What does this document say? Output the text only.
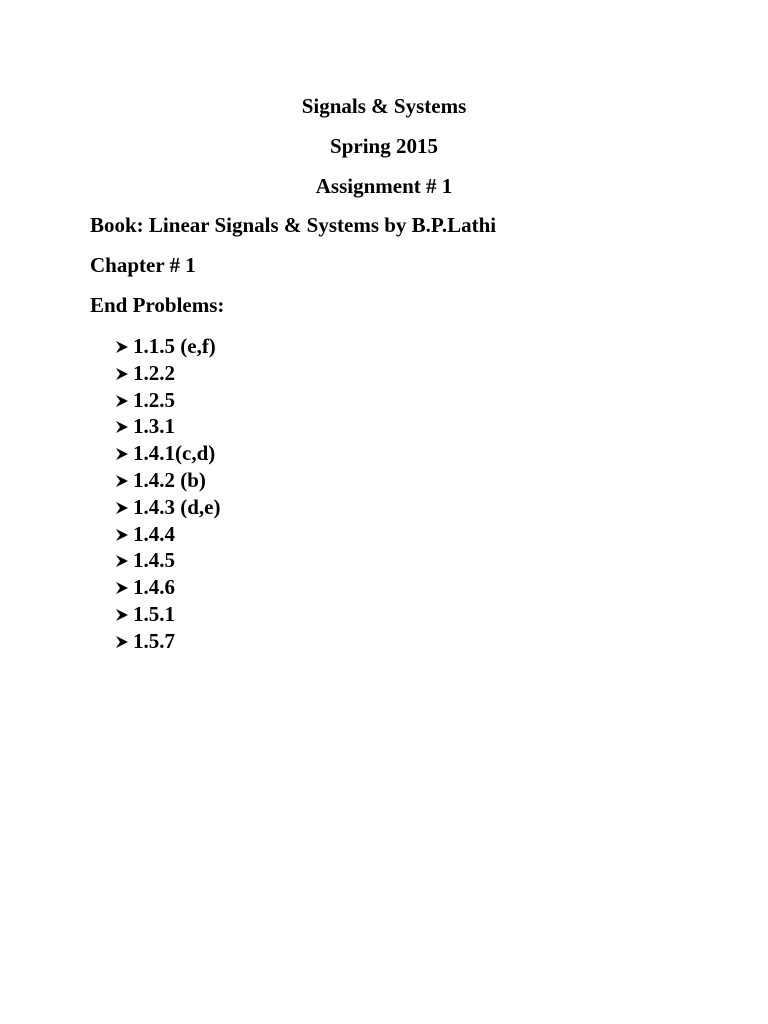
Signals & Systems
Spring 2015
Assignment # 1
Book: Linear Signals & Systems by B.P.Lathi
Chapter # 1
End Problems:
1.1.5 (e,f)
1.2.2
1.2.5
1.3.1
1.4.1(c,d)
1.4.2 (b)
1.4.3 (d,e)
1.4.4
1.4.5
1.4.6
1.5.1
1.5.7
